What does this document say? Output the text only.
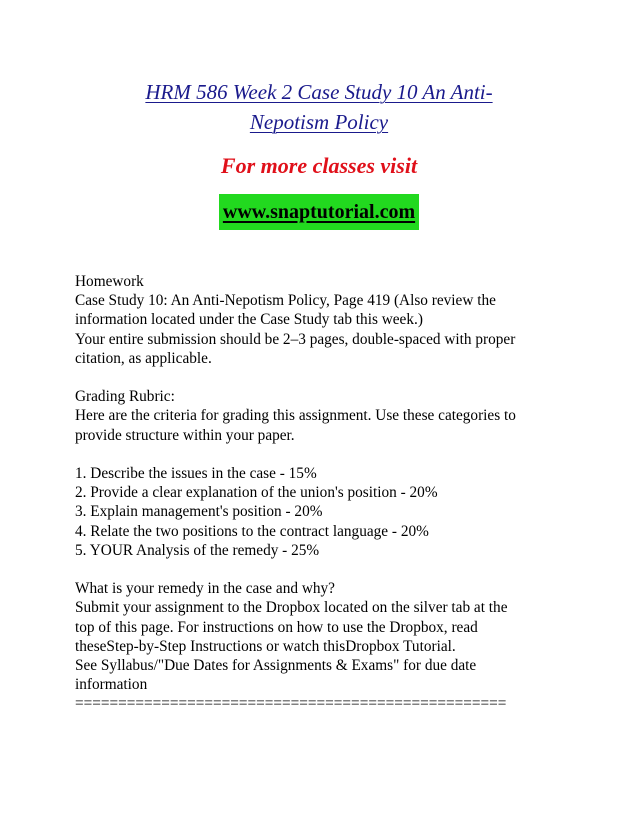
HRM 586 Week 2 Case Study 10 An Anti-
Nepotism Policy
For more classes visit
www.snaptutorial.com
Homework
Case Study 10: An Anti-Nepotism Policy, Page 419 (Also review the
information located under the Case Study tab this week.)
Your entire submission should be 2–3 pages, double-spaced with proper
citation, as applicable.
Grading Rubric:
Here are the criteria for grading this assignment. Use these categories to
provide structure within your paper.
1. Describe the issues in the case - 15%
2. Provide a clear explanation of the union's position - 20%
3. Explain management's position - 20%
4. Relate the two positions to the contract language - 20%
5. YOUR Analysis of the remedy - 25%
What is your remedy in the case and why?
Submit your assignment to the Dropbox located on the silver tab at the
top of this page. For instructions on how to use the Dropbox, read
theseStep-by-Step Instructions or watch thisDropbox Tutorial.
See Syllabus/"Due Dates for Assignments & Exams" for due date
information
==================================================
